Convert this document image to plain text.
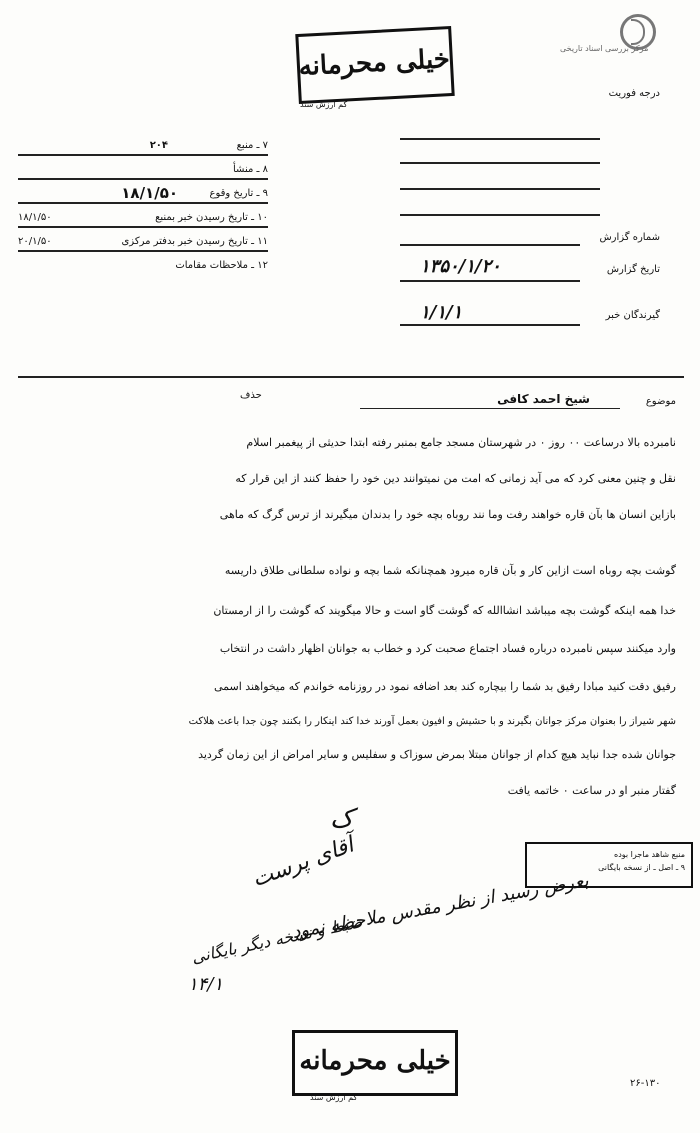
مرکز بررسی اسناد تاریخی
خیلی محرمانه
کم ارزش سند
درجه فوریت
۷ ـ منبع
۲۰۴
۸ ـ منشأ
۹ ـ تاریخ وقوع
۱۸/۱/۵۰
۱۰ ـ تاریخ رسیدن خبر بمنبع
۱۸/۱/۵۰
۱۱ ـ تاریخ رسیدن خبر بدفتر مرکزی
۲۰/۱/۵۰
۱۲ ـ ملاحظات مقامات
شماره گزارش
تاریخ گزارش
۱۳۵۰/۱/۲۰
گیرندگان خبر
۱/۱/۱
موضوع
شیخ احمد کافی
حذف
نامبرده بالا درساعت ۰۰ روز ۰ در شهرستان مسجد جامع بمنبر رفته ابتدا حدیثی از پیغمبر اسلام
نقل و چنین معنی کرد که می آید زمانی که امت من نمیتوانند دین خود را حفظ کنند از این قرار که
بازاین انسان ها بآن قاره خواهند رفت وما نند روباه بچه خود را بدندان میگیرند از ترس گرگ که ماهی
گوشت بچه روباه است ازاین کار و بآن قاره میرود همچنانکه شما بچه و نواده سلطانی طلاق داریسه
خدا همه اینکه گوشت بچه میباشد انشاالله که گوشت گاو است و حالا میگویند که گوشت را از ارمستان
وارد میکنند سپس نامبرده درباره فساد اجتماع صحبت کرد و خطاب به جوانان اظهار داشت در انتخاب
رفیق دقت کنید مبادا رفیق بد شما را بیچاره کند بعد اضافه نمود در روزنامه خواندم که میخواهند اسمی
شهر شیراز را بعنوان مرکز جوانان بگیرند و با حشیش و افیون بعمل آورند خدا کند اینکار را بکنند چون جدا باعث هلاکت
جوانان شده جدا نباید هیچ کدام از جوانان مبتلا بمرض سوزاک و سفلیس و سایر امراض از این زمان گردید
گفتار منبر او در ساعت ۰ خاتمه یافت
ک
منبع شاهد ماجرا بوده
۹ ـ اصل ـ از نسخه بایگانی
آقای پرست
بعرض رسید از نظر مقدس ملاحظه نمود
ضبط و نسخه دیگر بایگانی
۱۴/۱
خیلی محرمانه
کم ارزش سند
۲۶-۱۳۰
